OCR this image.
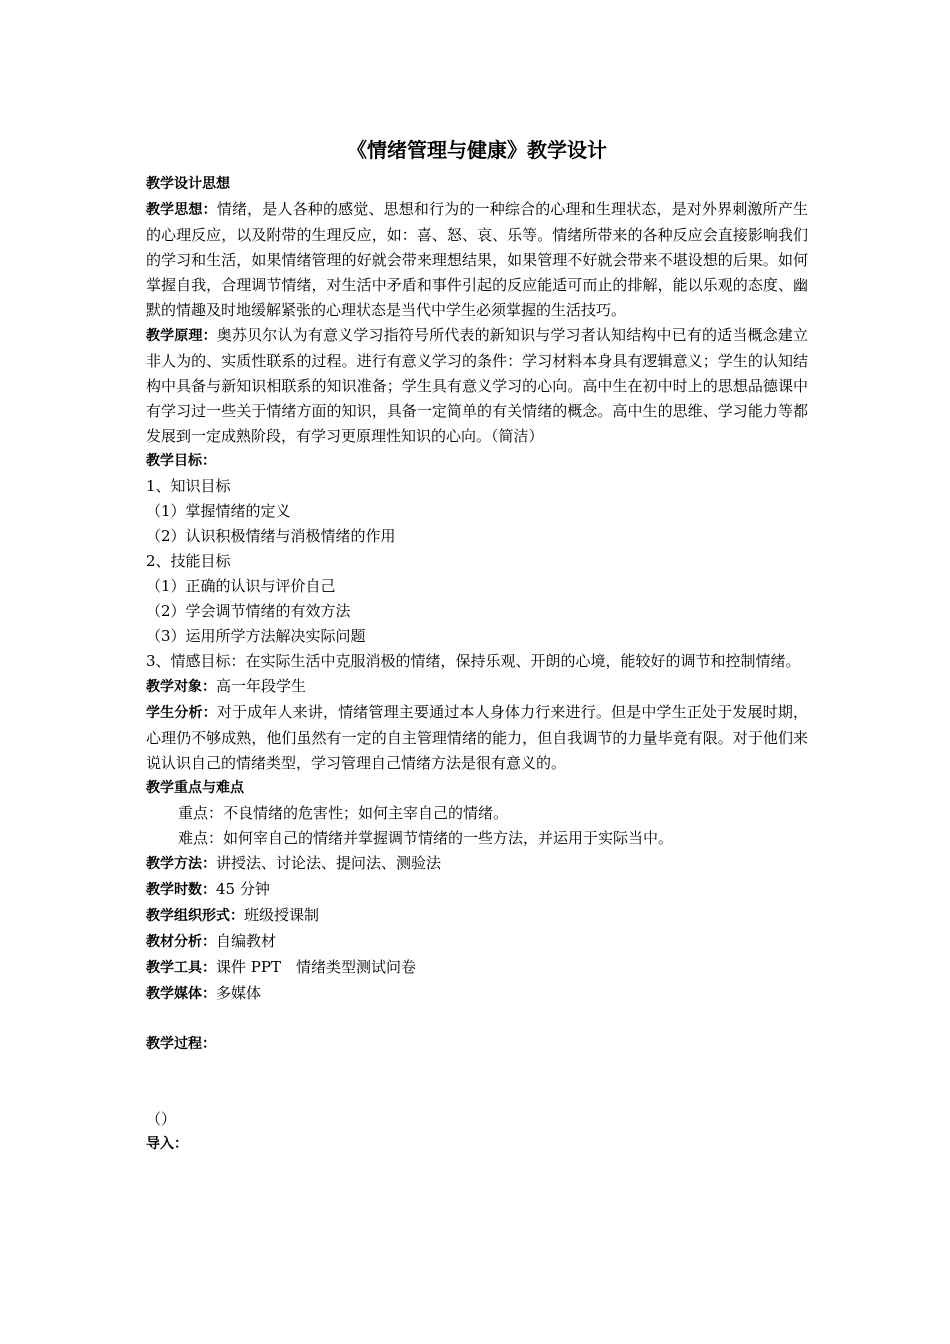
《情绪管理与健康》教学设计

教学设计思想

教学思想：情绪，是人各种的感觉、思想和行为的一种综合的心理和生理状态，是对外界刺激所产生的心理反应，以及附带的生理反应，如：喜、怒、哀、乐等。情绪所带来的各种反应会直接影响我们的学习和生活，如果情绪管理的好就会带来理想结果，如果管理不好就会带来不堪设想的后果。如何掌握自我，合理调节情绪，对生活中矛盾和事件引起的反应能适可而止的排解，能以乐观的态度、幽默的情趣及时地缓解紧张的心理状态是当代中学生必须掌握的生活技巧。

教学原理：奥苏贝尔认为有意义学习指符号所代表的新知识与学习者认知结构中已有的适当概念建立非人为的、实质性联系的过程。进行有意义学习的条件：学习材料本身具有逻辑意义；学生的认知结构中具备与新知识相联系的知识准备；学生具有意义学习的心向。高中生在初中时上的思想品德课中有学习过一些关于情绪方面的知识，具备一定简单的有关情绪的概念。高中生的思维、学习能力等都发展到一定成熟阶段，有学习更原理性知识的心向。（简洁）

教学目标：

1、知识目标

（1）掌握情绪的定义

（2）认识积极情绪与消极情绪的作用

2、技能目标

（1）正确的认识与评价自己

（2）学会调节情绪的有效方法

（3）运用所学方法解决实际问题

3、情感目标：在实际生活中克服消极的情绪，保持乐观、开朗的心境，能较好的调节和控制情绪。

教学对象：高一年段学生

学生分析：对于成年人来讲，情绪管理主要通过本人身体力行来进行。但是中学生正处于发展时期，心理仍不够成熟，他们虽然有一定的自主管理情绪的能力，但自我调节的力量毕竟有限。对于他们来说认识自己的情绪类型，学习管理自己情绪方法是很有意义的。

教学重点与难点

重点：不良情绪的危害性；如何主宰自己的情绪。

难点：如何宰自己的情绪并掌握调节情绪的一些方法，并运用于实际当中。

教学方法：讲授法、讨论法、提问法、测验法

教学时数：45 分钟

教学组织形式：班级授课制

教材分析：自编教材

教学工具：课件 PPT　情绪类型测试问卷

教学媒体：多媒体

教学过程：

（）

导入：
